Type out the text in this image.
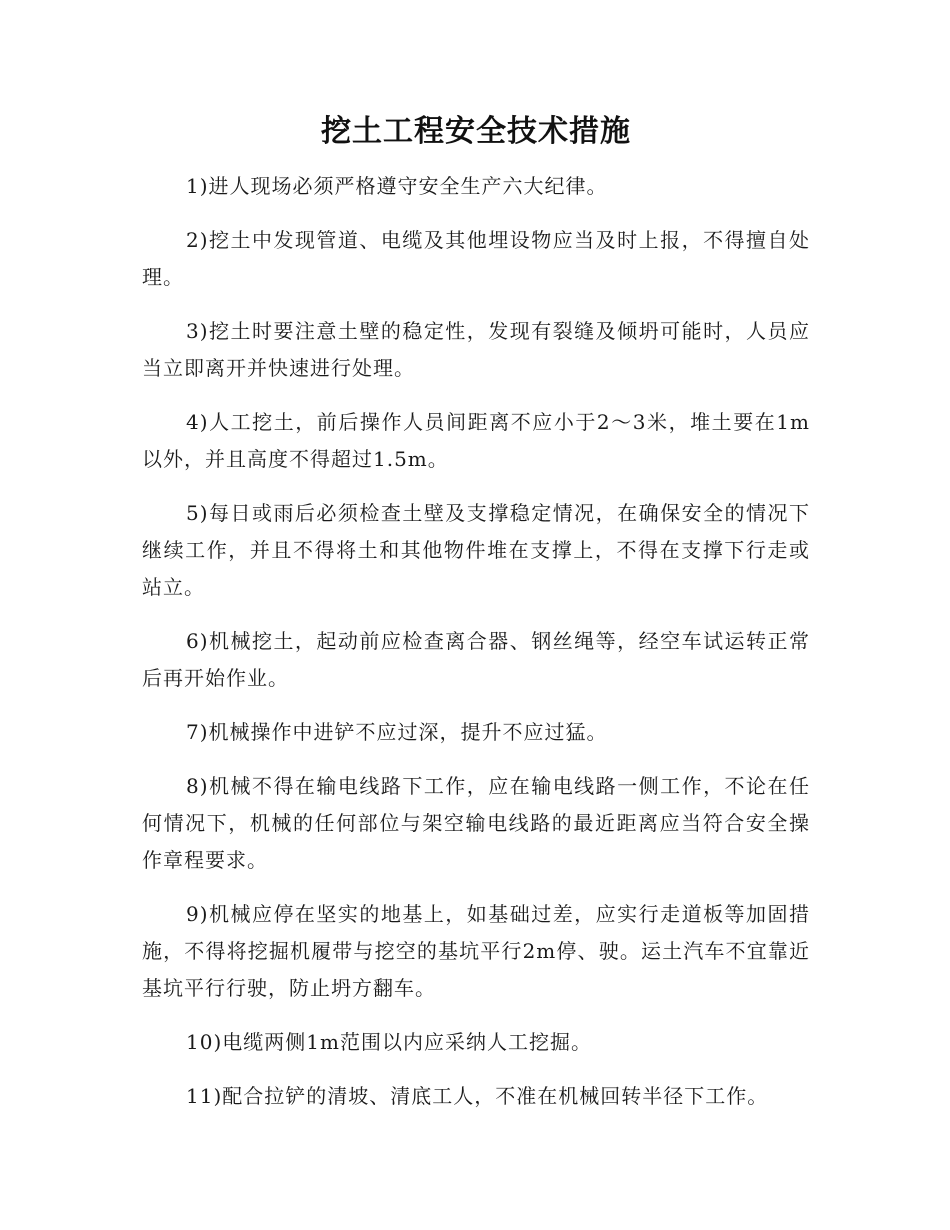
挖土工程安全技术措施

1)进人现场必须严格遵守安全生产六大纪律。

2)挖土中发现管道、电缆及其他埋设物应当及时上报，不得擅自处理。

3)挖土时要注意土壁的稳定性，发现有裂缝及倾坍可能时，人员应当立即离开并快速进行处理。

4)人工挖土，前后操作人员间距离不应小于2～3米，堆土要在1m以外，并且高度不得超过1.5m。

5)每日或雨后必须检查土壁及支撑稳定情况，在确保安全的情况下继续工作，并且不得将土和其他物件堆在支撑上，不得在支撑下行走或站立。

6)机械挖土，起动前应检查离合器、钢丝绳等，经空车试运转正常后再开始作业。

7)机械操作中进铲不应过深，提升不应过猛。

8)机械不得在输电线路下工作，应在输电线路一侧工作，不论在任何情况下，机械的任何部位与架空输电线路的最近距离应当符合安全操作章程要求。

9)机械应停在坚实的地基上，如基础过差，应实行走道板等加固措施，不得将挖掘机履带与挖空的基坑平行2m停、驶。运土汽车不宜靠近基坑平行行驶，防止坍方翻车。

10)电缆两侧1m范围以内应采纳人工挖掘。

11)配合拉铲的清坡、清底工人，不准在机械回转半径下工作。
